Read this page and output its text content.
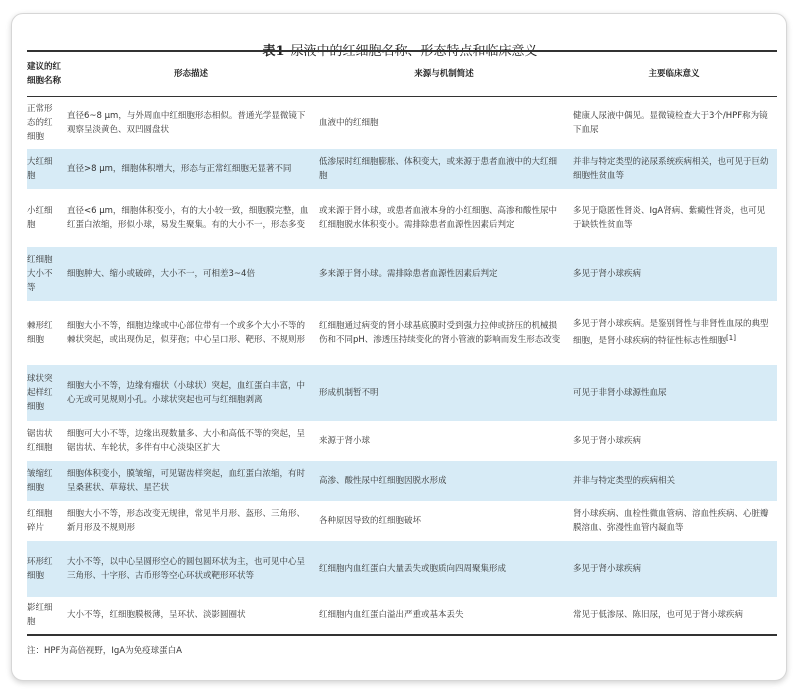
表1 尿液中的红细胞名称、形态特点和临床意义
建议的红细胞名称	形态描述	来源与机制简述	主要临床意义
正常形态的红细胞	直径6~8 μm，与外周血中红细胞形态相似。普通光学显微镜下观察呈淡黄色、双凹圆盘状	血液中的红细胞	健康人尿液中偶见。显微镜检查大于3个/HPF称为镜下血尿
大红细胞	直径>8 μm，细胞体积增大，形态与正常红细胞无显著不同	低渗尿时红细胞膨胀、体积变大，或来源于患者血液中的大红细胞	并非与特定类型的泌尿系统疾病相关，也可见于巨幼细胞性贫血等
小红细胞	直径<6 μm，细胞体积变小，有的大小较一致，细胞膜完整，血红蛋白浓缩，形似小球，易发生聚集。有的大小不一，形态多变	或来源于肾小球，或患者血液本身的小红细胞、高渗和酸性尿中红细胞脱水体积变小。需排除患者血源性因素后判定	多见于隐匿性肾炎、IgA肾病、紫癜性肾炎，也可见于缺铁性贫血等
红细胞大小不等	细胞肿大、缩小或破碎，大小不一，可相差3~4倍	多来源于肾小球。需排除患者血源性因素后判定	多见于肾小球疾病
棘形红细胞	细胞大小不等，细胞边缘或中心部位带有一个或多个大小不等的棘状突起，或出现伪足，似芽孢；中心呈口形、靶形、不规则形	红细胞通过病变的肾小球基底膜时受到强力拉伸或挤压的机械损伤和不同pH、渗透压持续变化的肾小管液的影响而发生形态改变	多见于肾小球疾病。是鉴别肾性与非肾性血尿的典型细胞，是肾小球疾病的特征性标志性细胞[1]
球状突起样红细胞	细胞大小不等，边缘有瘤状（小球状）突起，血红蛋白丰富，中心无或可见规则小孔。小球状突起也可与红细胞剥离	形成机制暂不明	可见于非肾小球源性血尿
锯齿状红细胞	细胞可大小不等，边缘出现数量多、大小和高低不等的突起，呈锯齿状、车轮状，多伴有中心淡染区扩大	来源于肾小球	多见于肾小球疾病
皱缩红细胞	细胞体积变小，膜皱缩，可见锯齿样突起，血红蛋白浓缩，有时呈桑葚状、草莓状、星芒状	高渗、酸性尿中红细胞因脱水形成	并非与特定类型的疾病相关
红细胞碎片	细胞大小不等，形态改变无规律，常见半月形、盔形、三角形、新月形及不规则形	各种原因导致的红细胞破坏	肾小球疾病、血栓性微血管病、溶血性疾病、心脏瓣膜溶血、弥漫性血管内凝血等
环形红细胞	大小不等，以中心呈圆形空心的圆包圆环状为主，也可见中心呈三角形、十字形、古币形等空心环状或靶形环状等	红细胞内血红蛋白大量丢失或胞质向四周聚集形成	多见于肾小球疾病
影红细胞	大小不等，红细胞膜极薄，呈环状、淡影圆圈状	红细胞内血红蛋白溢出严重或基本丢失	常见于低渗尿、陈旧尿，也可见于肾小球疾病
注：HPF为高倍视野，IgA为免疫球蛋白A
